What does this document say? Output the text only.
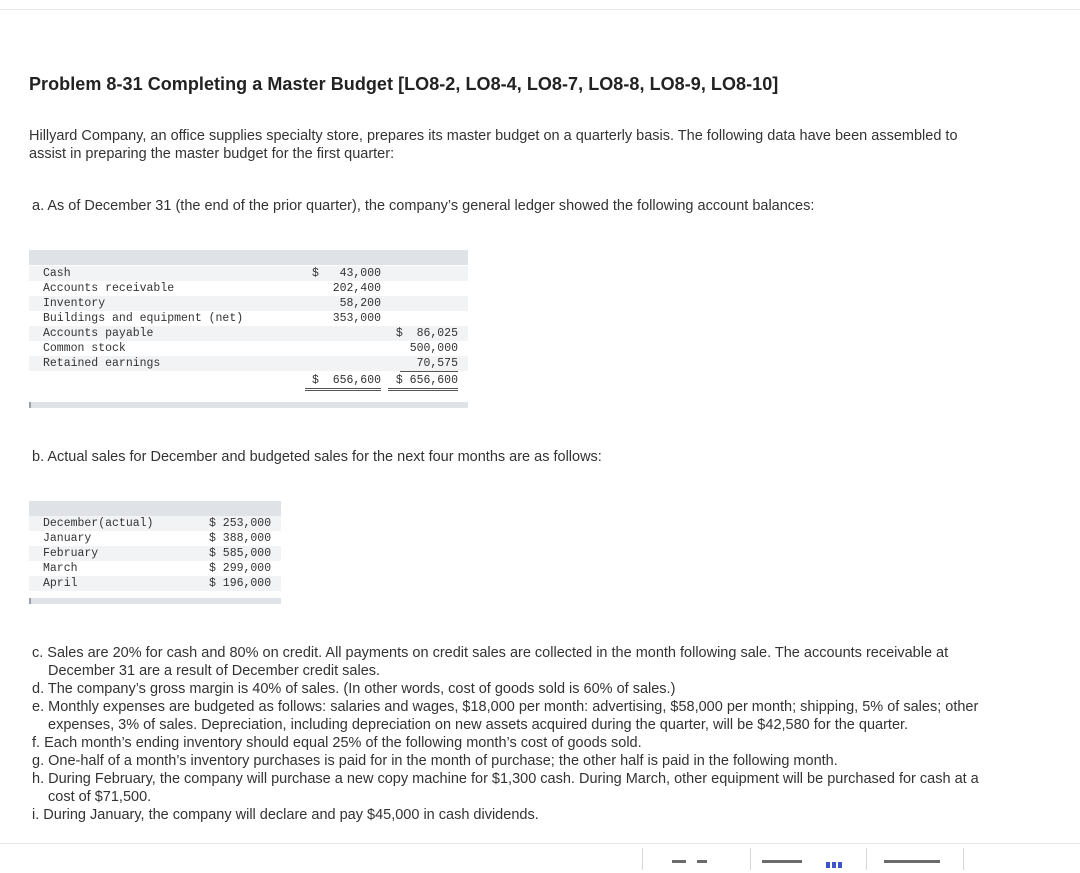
Problem 8-31 Completing a Master Budget [LO8-2, LO8-4, LO8-7, LO8-8, LO8-9, LO8-10]

Hillyard Company, an office supplies specialty store, prepares its master budget on a quarterly basis. The following data have been assembled to assist in preparing the master budget for the first quarter:

a. As of December 31 (the end of the prior quarter), the company’s general ledger showed the following account balances:

Cash	$   43,000
Accounts receivable	202,400
Inventory	58,200
Buildings and equipment (net)	353,000
Accounts payable	$  86,025
Common stock	500,000
Retained earnings	70,575
$  656,600	$ 656,600

b. Actual sales for December and budgeted sales for the next four months are as follows:

December(actual)	$ 253,000
January	$ 388,000
February	$ 585,000
March	$ 299,000
April	$ 196,000
c. Sales are 20% for cash and 80% on credit. All payments on credit sales are collected in the month following sale. The accounts receivable at December 31 are a result of December credit sales.
d. The company’s gross margin is 40% of sales. (In other words, cost of goods sold is 60% of sales.)
e. Monthly expenses are budgeted as follows: salaries and wages, $18,000 per month: advertising, $58,000 per month; shipping, 5% of sales; other expenses, 3% of sales. Depreciation, including depreciation on new assets acquired during the quarter, will be $42,580 for the quarter.
f. Each month’s ending inventory should equal 25% of the following month’s cost of goods sold.
g. One-half of a month’s inventory purchases is paid for in the month of purchase; the other half is paid in the following month.
h. During February, the company will purchase a new copy machine for $1,300 cash. During March, other equipment will be purchased for cash at a cost of $71,500.
i. During January, the company will declare and pay $45,000 in cash dividends.
